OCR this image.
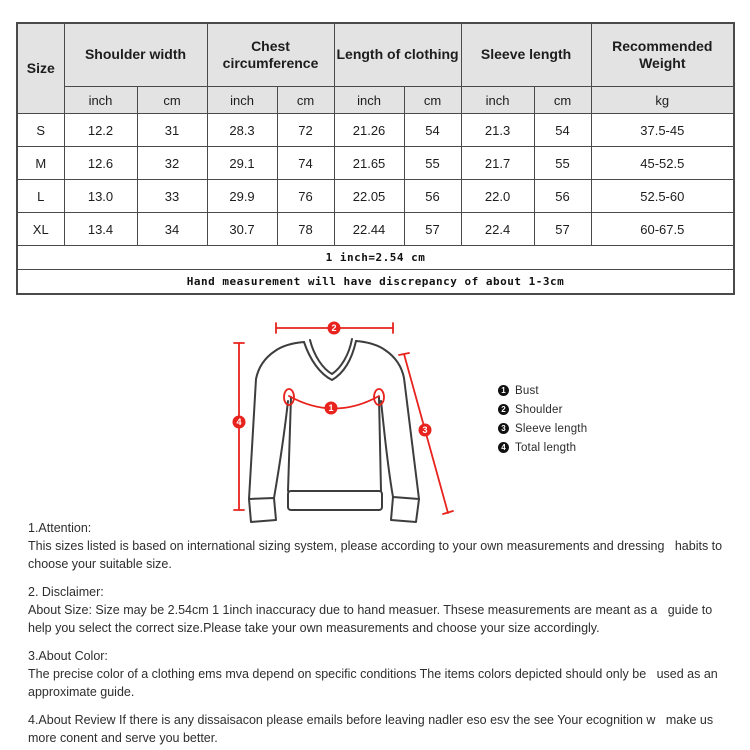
Size	Shoulder width		Chest circumference		Length of clothing		Sleeve length		Recommended Weight
	inch	cm	inch	cm	inch	cm	inch	cm	kg
S	12.2	31	28.3	72	21.26	54	21.3	54	37.5-45
M	12.6	32	29.1	74	21.65	55	21.7	55	45-52.5
L	13.0	33	29.9	76	22.05	56	22.0	56	52.5-60
XL	13.4	34	30.7	78	22.44	57	22.4	57	60-67.5
1 inch=2.54 cm									
Hand measurement will have discrepancy of about 1-3cm									
1
2
3
4
1 Bust
2 Shoulder
3 Sleeve length
4 Total length
1.Attention:
This sizes listed is based on international sizing system, please according to your own measurements and dressing   habits to choose your suitable size.
2. Disclaimer:
About Size: Size may be 2.54cm 1 1inch inaccuracy due to hand measuer. Thsese measurements are meant as a   guide to help you select the correct size.Please take your own measurements and choose your size accordingly.
3.About Color:
The precise color of a clothing ems mva depend on specific conditions The items colors depicted should only be   used as an approximate guide.
4.About Review If there is any dissaisacon please emails before leaving nadler eso esv the see Your ecognition w   make us more conent and serve you better.
